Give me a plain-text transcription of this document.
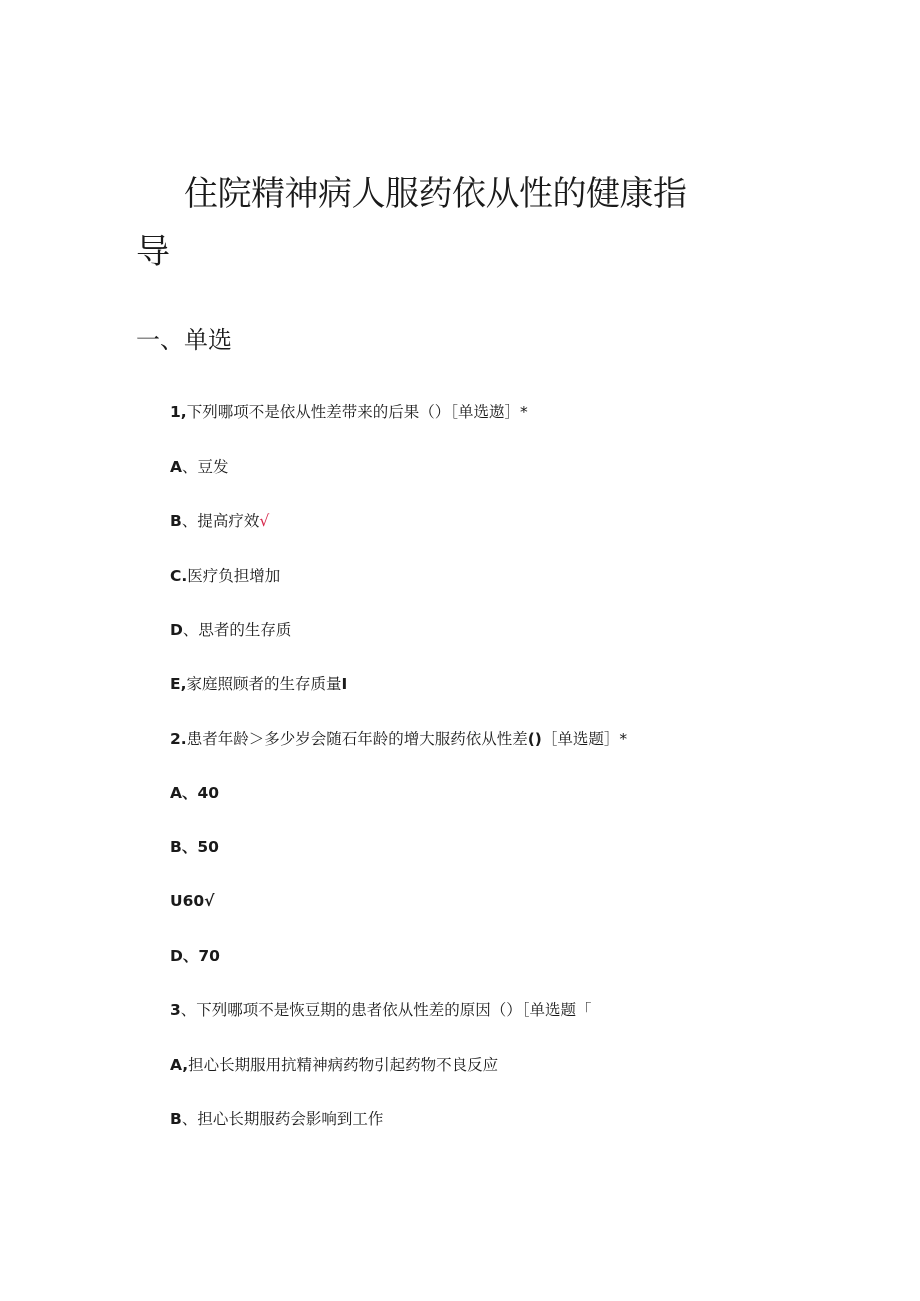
住院精神病人服药依从性的健康指导
一、单选
1,下列哪项不是依从性差带来的后果（）［单选遨］*
A、豆发
B、提高疗效√
C.医疗负担增加
D、思者的生存质
E,家庭照顾者的生存质量I
2.患者年龄＞多少岁会随石年龄的增大服药依从性差()［单选题］*
A、40
B、50
U60√
D、70
3、下列哪项不是恢豆期的患者依从性差的原因（）［单选题「
A,担心长期服用抗精神病药物引起药物不良反应
B、担心长期服药会影响到工作
